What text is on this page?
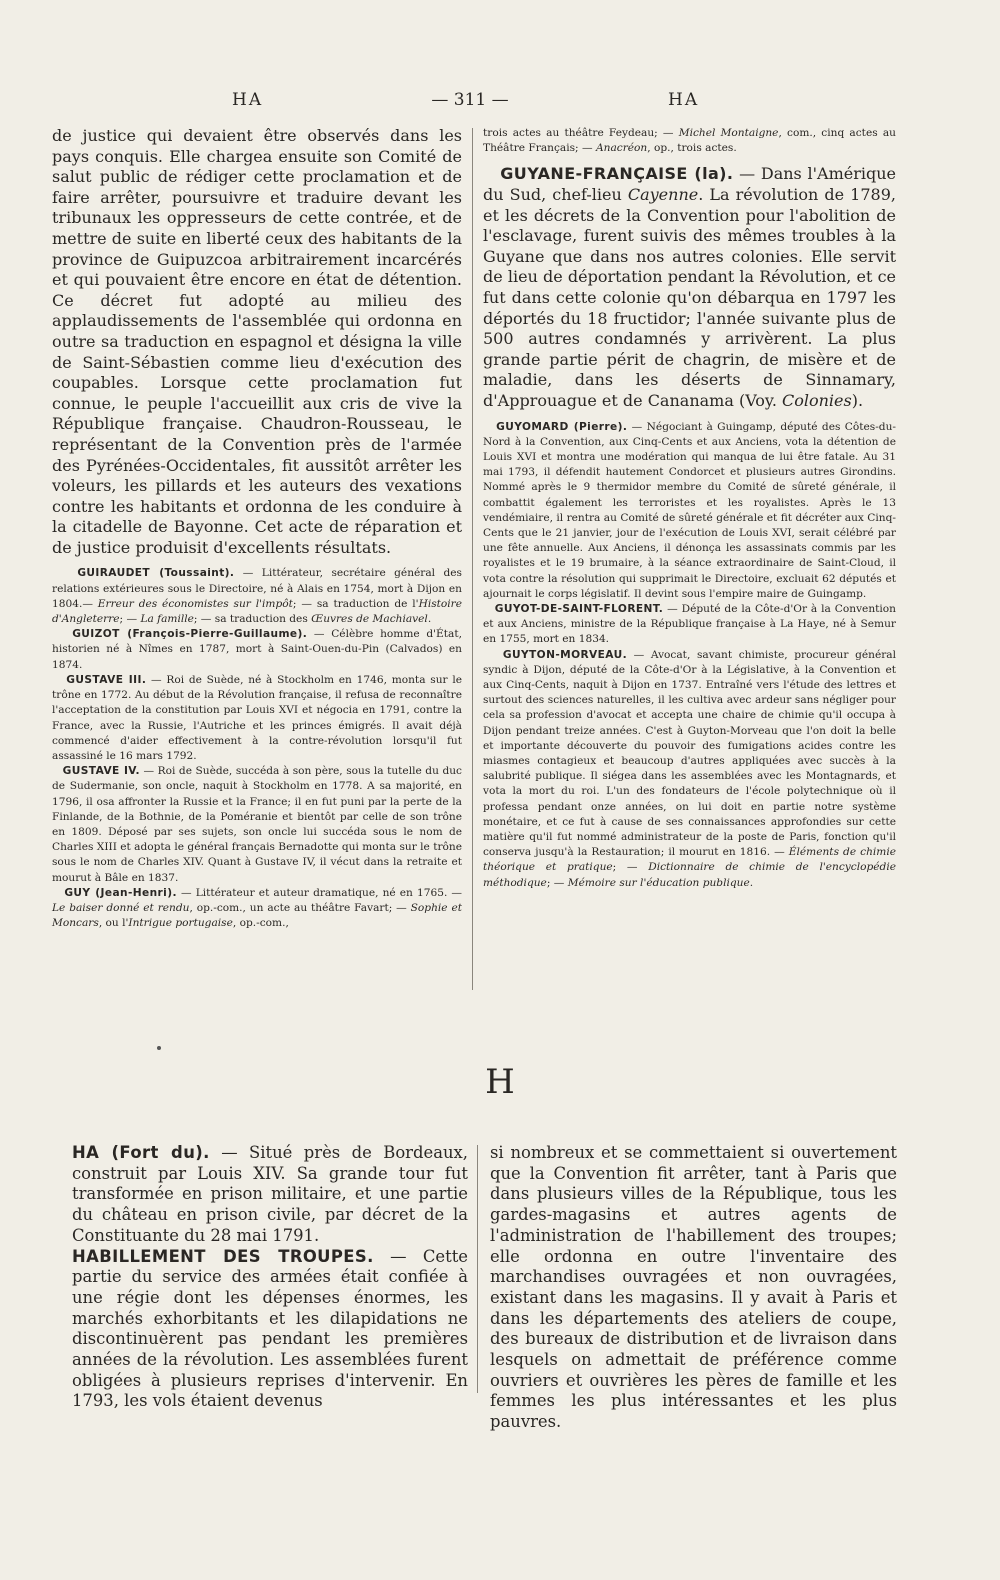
HA	— 311 —	HA

de justice qui devaient être observés dans les pays conquis. Elle chargea ensuite son Comité de salut public de rédiger cette proclamation et de faire arrêter, poursuivre et traduire devant les tribunaux les oppresseurs de cette contrée, et de mettre de suite en liberté ceux des habitants de la province de Guipuzcoa arbitrairement incarcérés et qui pouvaient être encore en état de détention. Ce décret fut adopté au milieu des applaudissements de l'assemblée qui ordonna en outre sa traduction en espagnol et désigna la ville de Saint-Sébastien comme lieu d'exécution des coupables. Lorsque cette proclamation fut connue, le peuple l'accueillit aux cris de vive la République française. Chaudron-Rousseau, le représentant de la Convention près de l'armée des Pyrénées-Occidentales, fit aussitôt arrêter les voleurs, les pillards et les auteurs des vexations contre les habitants et ordonna de les conduire à la citadelle de Bayonne. Cet acte de réparation et de justice produisit d'excellents résultats.

GUIRAUDET (Toussaint). — Littérateur, secrétaire général des relations extérieures sous le Directoire, né à Alais en 1754, mort à Dijon en 1804.— Erreur des économistes sur l'impôt; — sa traduction de l'Histoire d'Angleterre; — La famille; — sa traduction des Œuvres de Machiavel.

GUIZOT (François-Pierre-Guillaume). — Célèbre homme d'État, historien né à Nîmes en 1787, mort à Saint-Ouen-du-Pin (Calvados) en 1874.

GUSTAVE III. — Roi de Suède, né à Stockholm en 1746, monta sur le trône en 1772. Au début de la Révolution française, il refusa de reconnaître l'acceptation de la constitution par Louis XVI et négocia en 1791, contre la France, avec la Russie, l'Autriche et les princes émigrés. Il avait déjà commencé d'aider effectivement à la contre-révolution lorsqu'il fut assassiné le 16 mars 1792.

GUSTAVE IV. — Roi de Suède, succéda à son père, sous la tutelle du duc de Sudermanie, son oncle, naquit à Stockholm en 1778. A sa majorité, en 1796, il osa affronter la Russie et la France; il en fut puni par la perte de la Finlande, de la Bothnie, de la Poméranie et bientôt par celle de son trône en 1809. Déposé par ses sujets, son oncle lui succéda sous le nom de Charles XIII et adopta le général français Bernadotte qui monta sur le trône sous le nom de Charles XIV. Quant à Gustave IV, il vécut dans la retraite et mourut à Bâle en 1837.

GUY (Jean-Henri). — Littérateur et auteur dramatique, né en 1765. — Le baiser donné et rendu, op.-com., un acte au théâtre Favart; — Sophie et Moncars, ou l'Intrigue portugaise, op.-com.,

trois actes au théâtre Feydeau; — Michel Montaigne, com., cinq actes au Théâtre Français; — Anacréon, op., trois actes.

GUYANE-FRANÇAISE (la). — Dans l'Amérique du Sud, chef-lieu Cayenne. La révolution de 1789, et les décrets de la Convention pour l'abolition de l'esclavage, furent suivis des mêmes troubles à la Guyane que dans nos autres colonies. Elle servit de lieu de déportation pendant la Révolution, et ce fut dans cette colonie qu'on débarqua en 1797 les déportés du 18 fructidor; l'année suivante plus de 500 autres condamnés y arrivèrent. La plus grande partie périt de chagrin, de misère et de maladie, dans les déserts de Sinnamary, d'Approuague et de Cananama (Voy. Colonies).

GUYOMARD (Pierre). — Négociant à Guingamp, député des Côtes-du-Nord à la Convention, aux Cinq-Cents et aux Anciens, vota la détention de Louis XVI et montra une modération qui manqua de lui être fatale. Au 31 mai 1793, il défendit hautement Condorcet et plusieurs autres Girondins. Nommé après le 9 thermidor membre du Comité de sûreté générale, il combattit également les terroristes et les royalistes. Après le 13 vendémiaire, il rentra au Comité de sûreté générale et fit décréter aux Cinq-Cents que le 21 janvier, jour de l'exécution de Louis XVI, serait célébré par une fête annuelle. Aux Anciens, il dénonça les assassinats commis par les royalistes et le 19 brumaire, à la séance extraordinaire de Saint-Cloud, il vota contre la résolution qui supprimait le Directoire, excluait 62 députés et ajournait le corps législatif. Il devint sous l'empire maire de Guingamp.

GUYOT-DE-SAINT-FLORENT. — Député de la Côte-d'Or à la Convention et aux Anciens, ministre de la République française à La Haye, né à Semur en 1755, mort en 1834.

GUYTON-MORVEAU. — Avocat, savant chimiste, procureur général syndic à Dijon, député de la Côte-d'Or à la Législative, à la Convention et aux Cinq-Cents, naquit à Dijon en 1737. Entraîné vers l'étude des lettres et surtout des sciences naturelles, il les cultiva avec ardeur sans négliger pour cela sa profession d'avocat et accepta une chaire de chimie qu'il occupa à Dijon pendant treize années. C'est à Guyton-Morveau que l'on doit la belle et importante découverte du pouvoir des fumigations acides contre les miasmes contagieux et beaucoup d'autres appliquées avec succès à la salubrité publique. Il siégea dans les assemblées avec les Montagnards, et vota la mort du roi. L'un des fondateurs de l'école polytechnique où il professa pendant onze années, on lui doit en partie notre système monétaire, et ce fut à cause de ses connaissances approfondies sur cette matière qu'il fut nommé administrateur de la poste de Paris, fonction qu'il conserva jusqu'à la Restauration; il mourut en 1816. — Éléments de chimie théorique et pratique; — Dictionnaire de chimie de l'encyclopédie méthodique; — Mémoire sur l'éducation publique.

H

HA (Fort du). — Situé près de Bordeaux, construit par Louis XIV. Sa grande tour fut transformée en prison militaire, et une partie du château en prison civile, par décret de la Constituante du 28 mai 1791.

HABILLEMENT DES TROUPES. — Cette partie du service des armées était confiée à une régie dont les dépenses énormes, les marchés exhorbitants et les dilapidations ne discontinuèrent pas pendant les premières années de la révolution. Les assemblées furent obligées à plusieurs reprises d'intervenir. En 1793, les vols étaient devenus

si nombreux et se commettaient si ouvertement que la Convention fit arrêter, tant à Paris que dans plusieurs villes de la République, tous les gardes-magasins et autres agents de l'administration de l'habillement des troupes; elle ordonna en outre l'inventaire des marchandises ouvragées et non ouvragées, existant dans les magasins. Il y avait à Paris et dans les départements des ateliers de coupe, des bureaux de distribution et de livraison dans lesquels on admettait de préférence comme ouvriers et ouvrières les pères de famille et les femmes les plus intéressantes et les plus pauvres.
